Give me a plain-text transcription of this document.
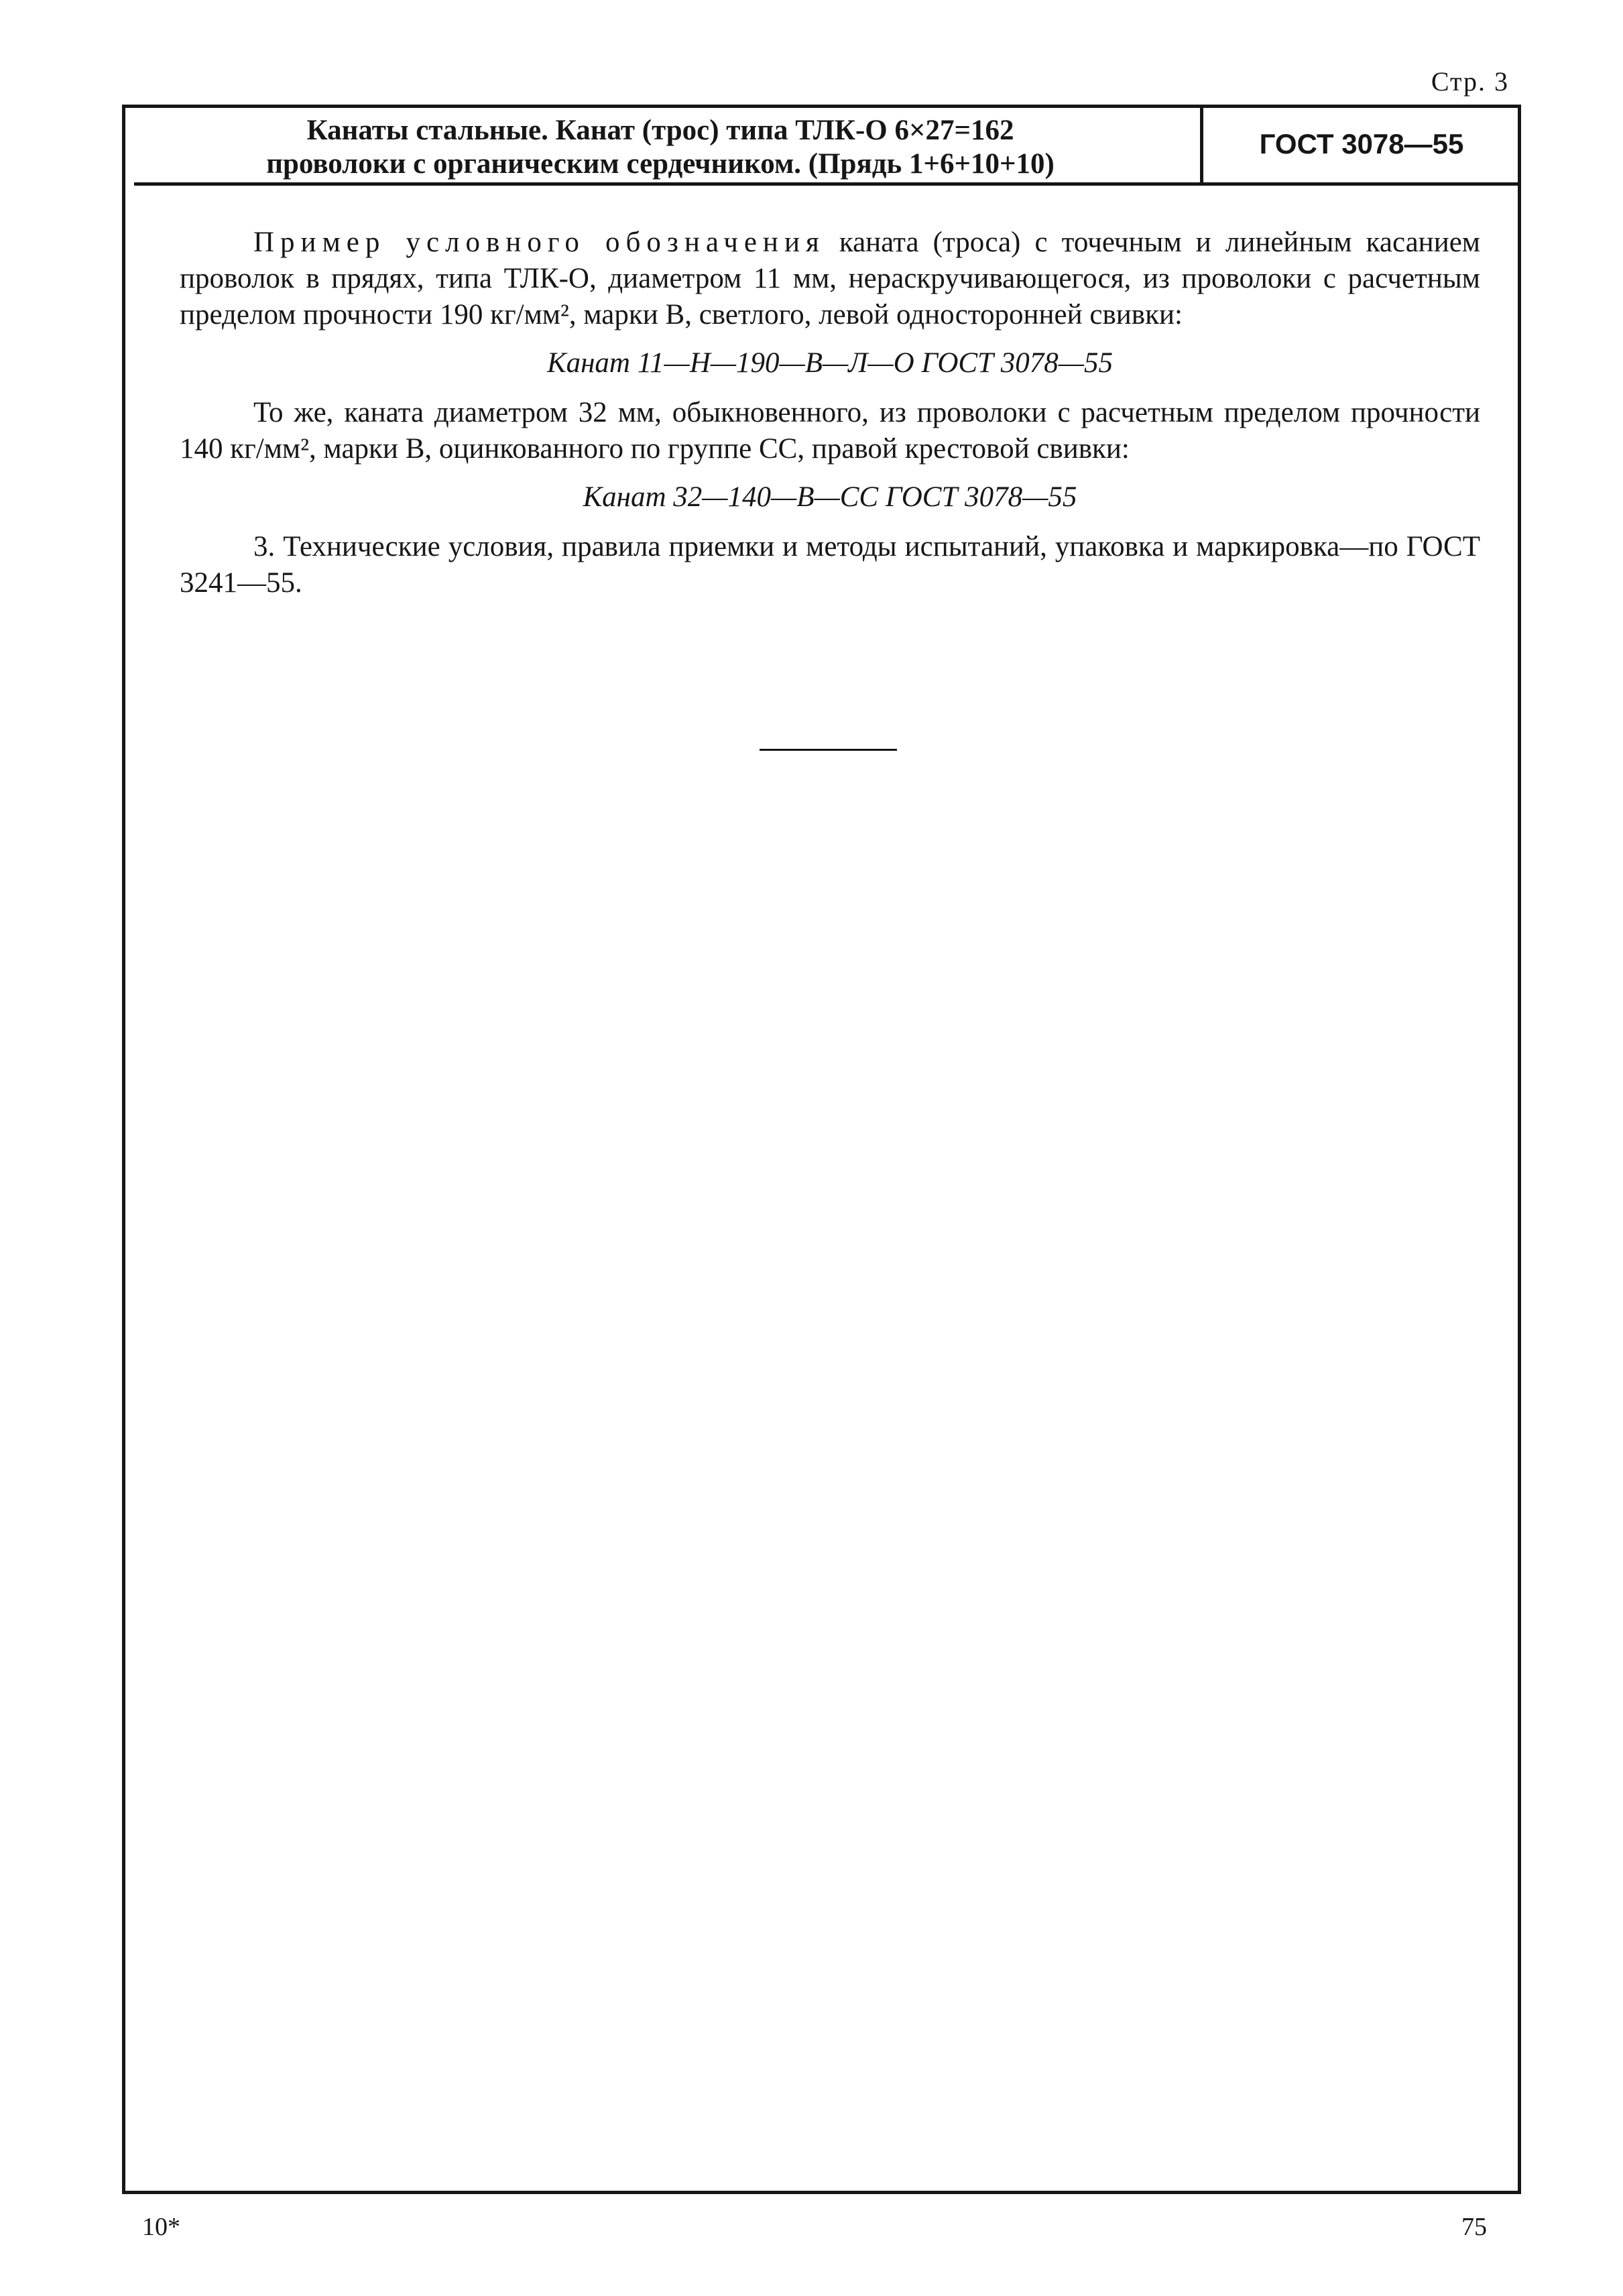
Стр. 3
Канаты стальные. Канат (трос) типа ТЛК-О 6×27=162
проволоки с органическим сердечником. (Прядь 1+6+10+10)
ГОСТ 3078—55

Пример условного обозначения каната (троса) с точечным и линейным касанием проволок в прядях, типа ТЛК-О, диаметром 11 мм, нераскручивающегося, из проволоки с расчетным пределом прочности 190 кг/мм², марки В, светлого, левой односторонней свивки:

Канат 11—Н—190—В—Л—О ГОСТ 3078—55

То же, каната диаметром 32 мм, обыкновенного, из проволоки с расчетным пределом прочности 140 кг/мм², марки В, оцинкованного по группе СС, правой крестовой свивки:

Канат 32—140—В—СС ГОСТ 3078—55

3. Технические условия, правила приемки и методы испытаний, упаковка и маркировка—по ГОСТ 3241—55.

10*	75
